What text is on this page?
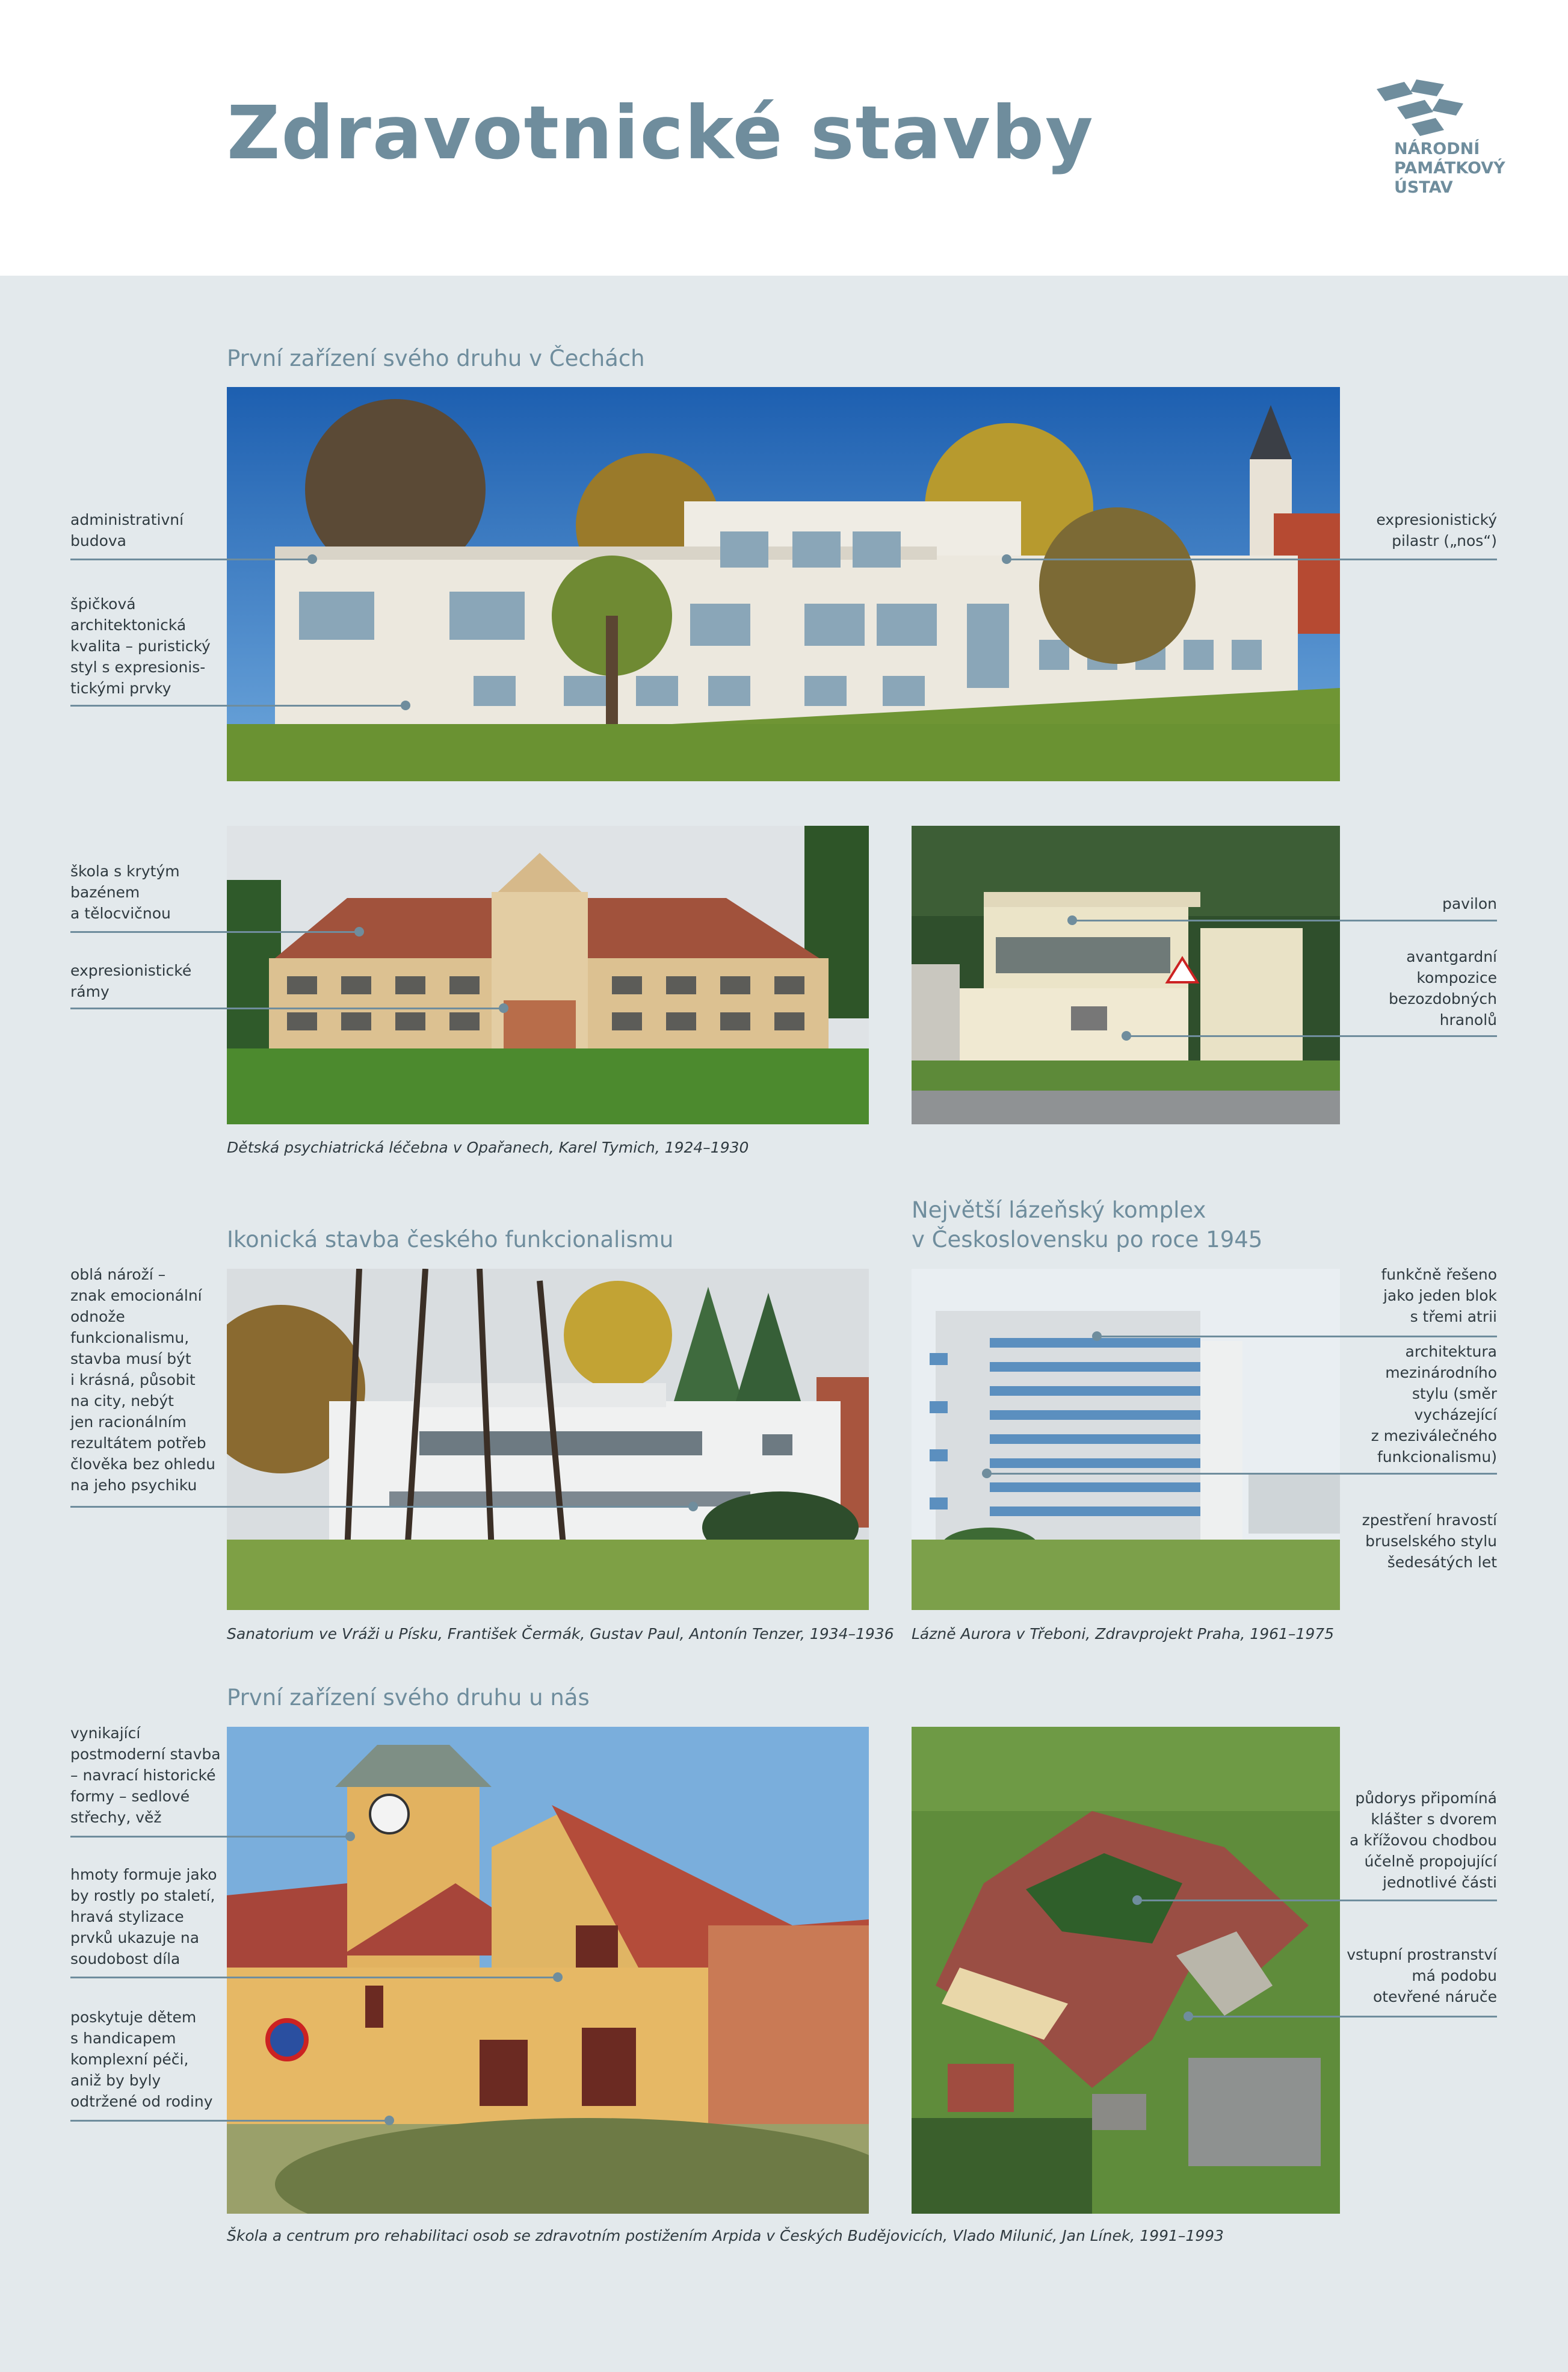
Zdravotnické stavby	NÁRODNÍ
PAMÁTKOVÝ
ÚSTAV
První zařízení svého druhu v Čechách

Dětská psychiatrická léčebna v Opařanech, Karel Tymich, 1924–1930

Ikonická stavba českého funkcionalismu
Největší lázeňský komplex
v Československu po roce 1945

Sanatorium ve Vráži u Písku, František Čermák, Gustav Paul, Antonín Tenzer, 1934–1936 Lázně Aurora v Třeboni, Zdravprojekt Praha, 1961–1975

První zařízení svého druhu u nás

Škola a centrum pro rehabilitaci osob se zdravotním postižením Arpida v Českých Budějovicích, Vlado Milunić, Jan Línek, 1991–1993

administrativní
budova
špičková
architektonická
kvalita – puristický
styl s expresionis-
tickými prvky
expresionistický
pilastr („nos“)
škola s krytým
bazénem
a tělocvičnou
expresionistické
rámy
pavilon
avantgardní
kompozice
bezozdobných
hranolů
oblá nároží –
znak emocionální
odnože
funkcionalismu,
stavba musí být
i krásná, působit
na city, nebýt
jen racionálním
rezultátem potřeb
člověka bez ohledu
na jeho psychiku
funkčně řešeno
jako jeden blok
s třemi atrii
architektura
mezinárodního
stylu (směr
vycházející
z meziválečného
funkcionalismu)
zpestření hravostí
bruselského stylu
šedesátých let
vynikající
postmoderní stavba
– navrací historické
formy – sedlové
střechy, věž
hmoty formuje jako
by rostly po staletí,
hravá stylizace
prvků ukazuje na
soudobost díla
poskytuje dětem
s handicapem
komplexní péči,
aniž by byly
odtržené od rodiny
půdorys připomíná
klášter s dvorem
a křížovou chodbou
účelně propojující
jednotlivé části
vstupní prostranství
má podobu
otevřené náruče
